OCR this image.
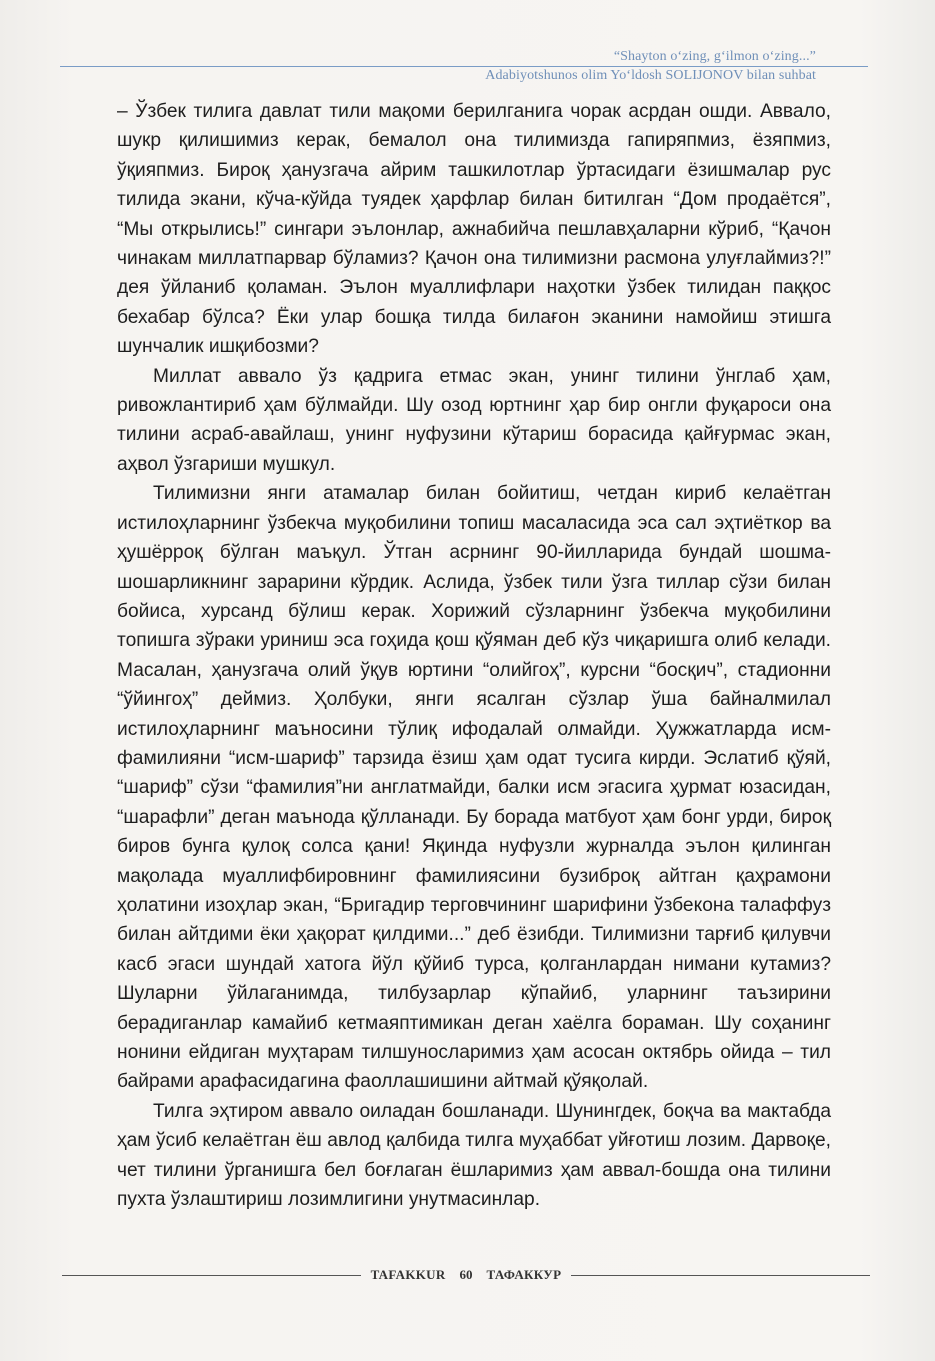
“Shayton o‘zing, g‘ilmon o‘zing...”
Adabiyotshunos olim Yo‘ldosh SOLIJONOV bilan suhbat

– Ўзбек тилига давлат тили мақоми берилганига чорак асрдан ошди. Аввало, шукр қилишимиз керак, бемалол она тилимизда гапиряпмиз, ёзяпмиз, ўқияпмиз. Бироқ ҳанузгача айрим ташкилотлар ўртасидаги ёзишмалар рус тилида экани, кўча-кўйда туядек ҳарфлар билан битилган “Дом продаётся”, “Мы открылись!” сингари эълонлар, ажнабийча пешлавҳаларни кўриб, “Қачон чинакам миллатпарвар бўламиз? Қачон она тилимизни расмона улуғлаймиз?!” дея ўйланиб қоламан. Эълон муаллифлари наҳотки ўзбек тилидан паққос бехабар бўлса? Ёки улар бошқа тилда билағон эканини намойиш этишга шунчалик ишқибозми?

Миллат аввало ўз қадрига етмас экан, унинг тилини ўнглаб ҳам, ривожлантириб ҳам бўлмайди. Шу озод юртнинг ҳар бир онгли фуқароси она тилини асраб-авайлаш, унинг нуфузини кўтариш борасида қайғурмас экан, аҳвол ўзгариши мушкул.

Тилимизни янги атамалар билан бойитиш, четдан кириб келаётган истилоҳларнинг ўзбекча муқобилини топиш масаласида эса сал эҳтиёткор ва ҳушёррoқ бўлган маъқул. Ўтган асрнинг 90-йилларида бундай шошма-шошарликнинг зарарини кўрдик. Аслида, ўзбек тили ўзга тиллар сўзи билан бойиса, хурсанд бўлиш керак. Хорижий сўзларнинг ўзбекча муқобилини топишга зўраки уриниш эса гоҳида қош қўяман деб кўз чиқаришга олиб келади. Масалан, ҳанузгача олий ўқув юртини “олийгоҳ”, курсни “босқич”, стадионни “ўйингоҳ” деймиз. Ҳолбуки, янги ясалган сўзлар ўша байналмилал истилоҳларнинг маъносини тўлиқ ифодалай олмайди. Ҳужжатларда исм-фамилияни “исм-шариф” тарзида ёзиш ҳам одат тусига кирди. Эслатиб қўяй, “шариф” сўзи “фамилия”ни англатмайди, балки исм эгасига ҳурмат юзасидан, “шарафли” деган маънода қўлланади. Бу борада матбуот ҳам бонг урди, бироқ биров бунга қулоқ солса қани! Яқинда нуфузли журналда эълон қилинган мақолада муаллифбировнинг фамилиясини бузиброқ айтган қаҳрамони ҳолатини изоҳлар экан, “Бригадир терговчининг шарифини ўзбекона талаффуз билан айтдими ёки ҳақорат қилдими...” деб ёзибди. Тилимизни тарғиб қилувчи касб эгаси шундай хатога йўл қўйиб турса, қолганлардан нимани кутамиз? Шуларни ўйлаганимда, тилбузарлар кўпайиб, уларнинг таъзирини берадиганлар камайиб кетмаяптимикан деган хаёлга бораман. Шу соҳанинг нонини ейдиган муҳтарам тилшуносларимиз ҳам асосан октябрь ойида – тил байрами арафасидагина фаоллашишини айтмай қўяқолай.

Тилга эҳтиром аввало оиладан бошланади. Шунингдек, боқча ва мактабда ҳам ўсиб келаётган ёш авлод қалбида тилга муҳаббат уйғотиш лозим. Дарвоқе, чет тилини ўрганишга бел боғлаган ёшларимиз ҳам аввал-бошда она тилини пухта ўзлаштириш лозимлигини унутмасинлар.

TAFAKKUR	60	ТАФАККУР
